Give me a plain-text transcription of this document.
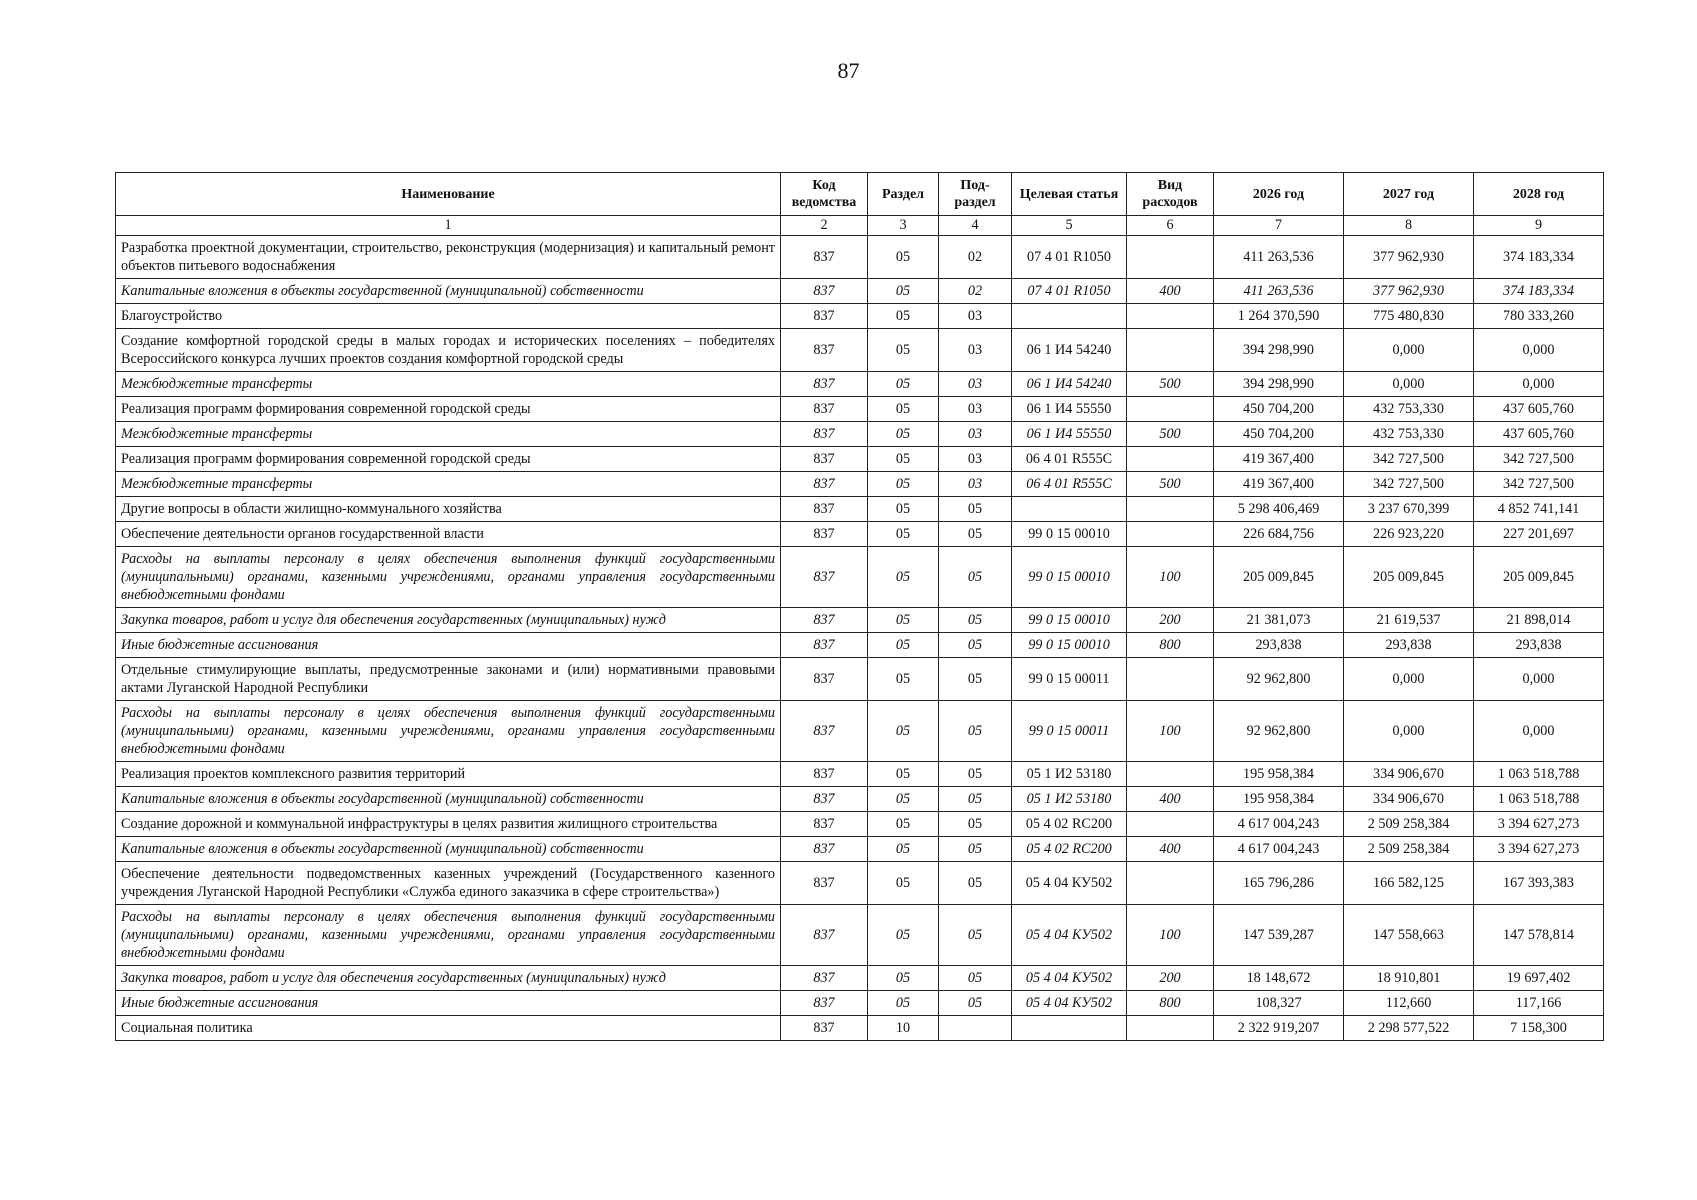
87
Наименование	Код ведомства	Раздел	Под-раздел	Целевая статья	Вид расходов	2026 год	2027 год	2028 год
1	2	3	4	5	6	7	8	9
Разработка проектной документации, строительство, реконструкция (модернизация) и капитальный ремонт объектов питьевого водоснабжения	837	05	02	07 4 01 R1050		411 263,536	377 962,930	374 183,334
Капитальные вложения в объекты государственной (муниципальной) собственности	837	05	02	07 4 01 R1050	400	411 263,536	377 962,930	374 183,334
Благоустройство	837	05	03			1 264 370,590	775 480,830	780 333,260
Создание комфортной городской среды в малых городах и исторических поселениях – победителях Всероссийского конкурса лучших проектов создания комфортной городской среды	837	05	03	06 1 И4 54240		394 298,990	0,000	0,000
Межбюджетные трансферты	837	05	03	06 1 И4 54240	500	394 298,990	0,000	0,000
Реализация программ формирования современной городской среды	837	05	03	06 1 И4 55550		450 704,200	432 753,330	437 605,760
Межбюджетные трансферты	837	05	03	06 1 И4 55550	500	450 704,200	432 753,330	437 605,760
Реализация программ формирования современной городской среды	837	05	03	06 4 01 R555C		419 367,400	342 727,500	342 727,500
Межбюджетные трансферты	837	05	03	06 4 01 R555C	500	419 367,400	342 727,500	342 727,500
Другие вопросы в области жилищно-коммунального хозяйства	837	05	05			5 298 406,469	3 237 670,399	4 852 741,141
Обеспечение деятельности органов государственной власти	837	05	05	99 0 15 00010		226 684,756	226 923,220	227 201,697
Расходы на выплаты персоналу в целях обеспечения выполнения функций государственными (муниципальными) органами, казенными учреждениями, органами управления государственными внебюджетными фондами	837	05	05	99 0 15 00010	100	205 009,845	205 009,845	205 009,845
Закупка товаров, работ и услуг для обеспечения государственных (муниципальных) нужд	837	05	05	99 0 15 00010	200	21 381,073	21 619,537	21 898,014
Иные бюджетные ассигнования	837	05	05	99 0 15 00010	800	293,838	293,838	293,838
Отдельные стимулирующие выплаты, предусмотренные законами и (или) нормативными правовыми актами Луганской Народной Республики	837	05	05	99 0 15 00011		92 962,800	0,000	0,000
Расходы на выплаты персоналу в целях обеспечения выполнения функций государственными (муниципальными) органами, казенными учреждениями, органами управления государственными внебюджетными фондами	837	05	05	99 0 15 00011	100	92 962,800	0,000	0,000
Реализация проектов комплексного развития территорий	837	05	05	05 1 И2 53180		195 958,384	334 906,670	1 063 518,788
Капитальные вложения в объекты государственной (муниципальной) собственности	837	05	05	05 1 И2 53180	400	195 958,384	334 906,670	1 063 518,788
Создание дорожной и коммунальной инфраструктуры в целях развития жилищного строительства	837	05	05	05 4 02 RC200		4 617 004,243	2 509 258,384	3 394 627,273
Капитальные вложения в объекты государственной (муниципальной) собственности	837	05	05	05 4 02 RC200	400	4 617 004,243	2 509 258,384	3 394 627,273
Обеспечение деятельности подведомственных казенных учреждений (Государственного казенного учреждения Луганской Народной Республики «Служба единого заказчика в сфере строительства»)	837	05	05	05 4 04 КУ502		165 796,286	166 582,125	167 393,383
Расходы на выплаты персоналу в целях обеспечения выполнения функций государственными (муниципальными) органами, казенными учреждениями, органами управления государственными внебюджетными фондами	837	05	05	05 4 04 КУ502	100	147 539,287	147 558,663	147 578,814
Закупка товаров, работ и услуг для обеспечения государственных (муниципальных) нужд	837	05	05	05 4 04 КУ502	200	18 148,672	18 910,801	19 697,402
Иные бюджетные ассигнования	837	05	05	05 4 04 КУ502	800	108,327	112,660	117,166
Социальная политика	837	10				2 322 919,207	2 298 577,522	7 158,300
